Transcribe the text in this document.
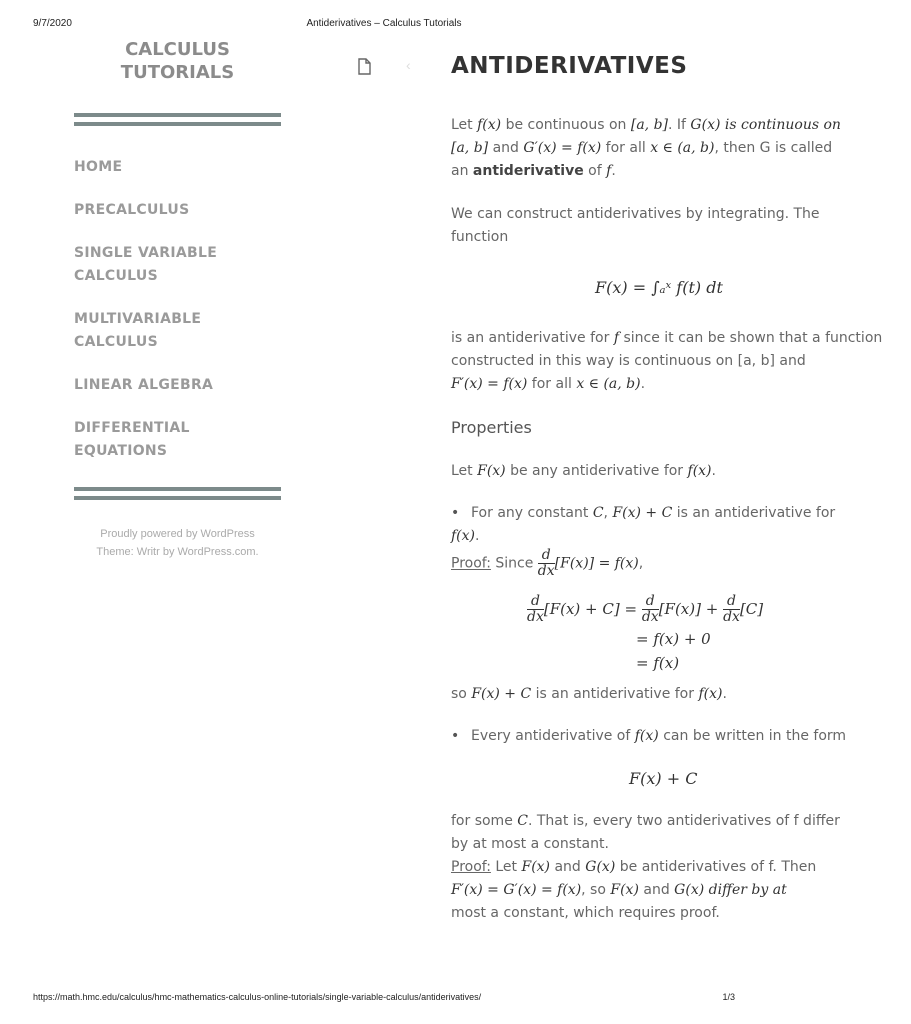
9/7/2020	Antiderivatives – Calculus Tutorials
CALCULUS
TUTORIALS
HOME
PRECALCULUS
SINGLE VARIABLE
CALCULUS
MULTIVARIABLE
CALCULUS
LINEAR ALGEBRA
DIFFERENTIAL
EQUATIONS
Proudly powered by WordPress
Theme: Writr by WordPress.com.
‹ ANTIDERIVATIVES

Let f(x) be continuous on [a, b]. If G(x) is continuous on
[a, b] and G′(x) = f(x) for all x ∈ (a, b), then G is called
an antiderivative of f.

We can construct antiderivatives by integrating. The
function

F(x) = ∫ₐˣ f(t) dt

is an antiderivative for f since it can be shown that a function
constructed in this way is continuous on [a, b] and
F′(x) = f(x) for all x ∈ (a, b).

Properties

Let F(x) be any antiderivative for f(x).

• For any constant C, F(x) + C is an antiderivative for
f(x).
Proof: Since $\frac{d}{dx} [F(x)] = f(x)$,
$\frac{d}{dx} [F(x) + C] = \frac{d}{dx} [F(x)] + \frac{d}{dx} [C]$
= f(x) + 0
= f(x)

so F(x) + C is an antiderivative for f(x).

• Every antiderivative of f(x) can be written in the form
F(x) + C

for some C. That is, every two antiderivatives of f differ
by at most a constant.
Proof: Let F(x) and G(x) be antiderivatives of f. Then
F′(x) = G′(x) = f(x), so F(x) and G(x) differ by at
most a constant, which requires proof.

https://math.hmc.edu/calculus/hmc-mathematics-calculus-online-tutorials/single-variable-calculus/antiderivatives/	1/3
